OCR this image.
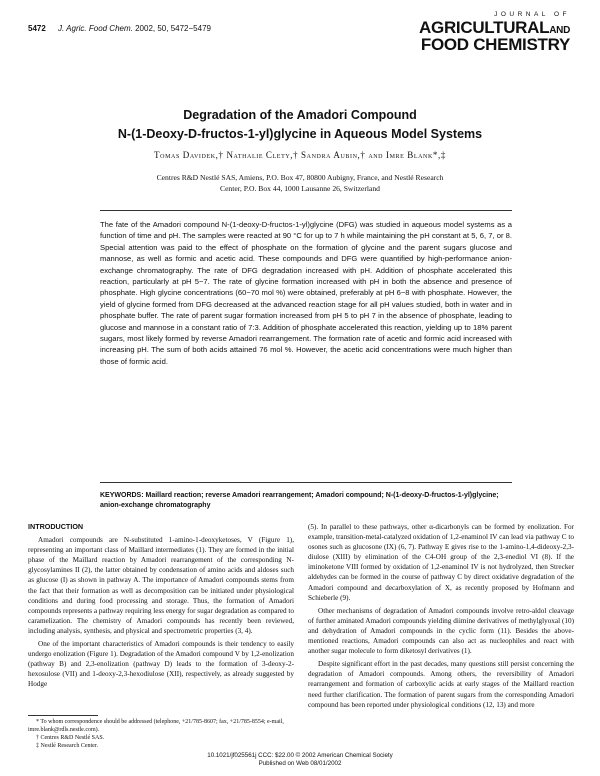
5472 J. Agric. Food Chem. 2002, 50, 5472−5479
JOURNAL OF
AGRICULTURALAND
FOOD CHEMISTRY
Degradation of the Amadori Compound
N-(1-Deoxy-D-fructos-1-yl)glycine in Aqueous Model Systems
Tomas Davidek,† Nathalie Clety,† Sandra Aubin,† and Imre Blank*,‡
Centres R&D Nestlé SAS, Amiens, P.O. Box 47, 80800 Aubigny, France, and Nestlé Research
Center, P.O. Box 44, 1000 Lausanne 26, Switzerland
The fate of the Amadori compound N-(1-deoxy-D-fructos-1-yl)glycine (DFG) was studied in aqueous model systems as a function of time and pH. The samples were reacted at 90 °C for up to 7 h while maintaining the pH constant at 5, 6, 7, or 8. Special attention was paid to the effect of phosphate on the formation of glycine and the parent sugars glucose and mannose, as well as formic and acetic acid. These compounds and DFG were quantified by high-performance anion-exchange chromatography. The rate of DFG degradation increased with pH. Addition of phosphate accelerated this reaction, particularly at pH 5−7. The rate of glycine formation increased with pH in both the absence and presence of phosphate. High glycine concentrations (60−70 mol %) were obtained, preferably at pH 6−8 with phosphate. However, the yield of glycine formed from DFG decreased at the advanced reaction stage for all pH values studied, both in water and in phosphate buffer. The rate of parent sugar formation increased from pH 5 to pH 7 in the absence of phosphate, leading to glucose and mannose in a constant ratio of 7:3. Addition of phosphate accelerated this reaction, yielding up to 18% parent sugars, most likely formed by reverse Amadori rearrangement. The formation rate of acetic and formic acid increased with increasing pH. The sum of both acids attained 76 mol %. However, the acetic acid concentrations were much higher than those of formic acid.
KEYWORDS: Maillard reaction; reverse Amadori rearrangement; Amadori compound; N-(1-deoxy-D-fructos-1-yl)glycine; anion-exchange chromatography
INTRODUCTION

Amadori compounds are N-substituted 1-amino-1-deoxyketoses, V (Figure 1), representing an important class of Maillard intermediates (1). They are formed in the initial phase of the Maillard reaction by Amadori rearrangement of the corresponding N-glycosylamines II (2), the latter obtained by condensation of amino acids and aldoses such as glucose (I) as shown in pathway A. The importance of Amadori compounds stems from the fact that their formation as well as decomposition can be initiated under physiological conditions and during food processing and storage. Thus, the formation of Amadori compounds represents a pathway requiring less energy for sugar degradation as compared to caramelization. The chemistry of Amadori compounds has recently been reviewed, including analysis, synthesis, and physical and spectrometric properties (3, 4).

One of the important characteristics of Amadori compounds is their tendency to easily undergo enolization (Figure 1). Degradation of the Amadori compound V by 1,2-enolization (pathway B) and 2,3-enolization (pathway D) leads to the formation of 3-deoxy-2-hexosulose (VII) and 1-deoxy-2,3-hexodiulose (XII), respectively, as already suggested by Hodge

(5). In parallel to these pathways, other α-dicarbonyls can be formed by enolization. For example, transition-metal-catalyzed oxidation of 1,2-enaminol IV can lead via pathway C to osones such as glucosone (IX) (6, 7). Pathway E gives rise to the 1-amino-1,4-dideoxy-2,3-diulose (XIII) by elimination of the C4-OH group of the 2,3-enediol VI (8). If the iminoketone VIII formed by oxidation of 1,2-enaminol IV is not hydrolyzed, then Strecker aldehydes can be formed in the course of pathway C by direct oxidative degradation of the Amadori compound and decarboxylation of X, as recently proposed by Hofmann and Schieberle (9).

Other mechanisms of degradation of Amadori compounds involve retro-aldol cleavage of further aminated Amadori compounds yielding diimine derivatives of methylglyoxal (10) and dehydration of Amadori compounds in the cyclic form (11). Besides the above-mentioned reactions, Amadori compounds can also act as nucleophiles and react with another sugar molecule to form diketosyl derivatives (1).

Despite significant effort in the past decades, many questions still persist concerning the degradation of Amadori compounds. Among others, the reversibility of Amadori rearrangement and formation of carboxylic acids at early stages of the Maillard reaction need further clarification. The formation of parent sugars from the corresponding Amadori compound has been reported under physiological conditions (12, 13) and more

* To whom correspondence should be addressed (telephone, +21/785-8607; fax, +21/785-8554; e-mail, imre.blank@rdls.nestle.com).
† Centres R&D Nestlé SAS.
‡ Nestlé Research Center.
10.1021/jf025561j CCC: $22.00 © 2002 American Chemical Society
Published on Web 08/01/2002
